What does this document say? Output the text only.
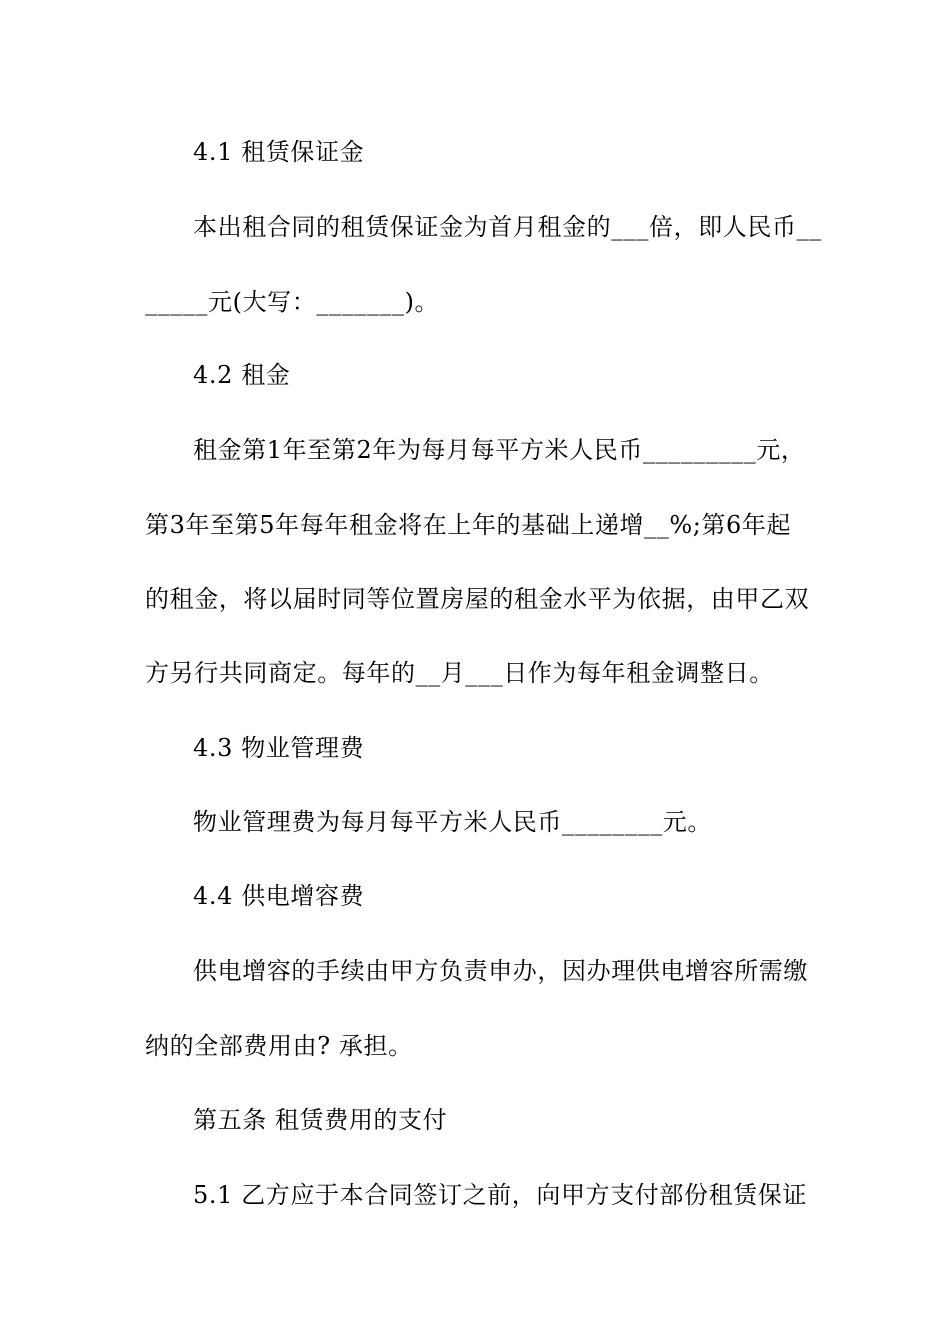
4.1 租赁保证金
本出租合同的租赁保证金为首月租金的___倍，即人民币__
_____元(大写：_______)。
4.2 租金
租金第1年至第2年为每月每平方米人民币_________元，
第3年至第5年每年租金将在上年的基础上递增__%;第6年起
的租金，将以届时同等位置房屋的租金水平为依据，由甲乙双
方另行共同商定。每年的__月___日作为每年租金调整日。
4.3 物业管理费
物业管理费为每月每平方米人民币________元。
4.4 供电增容费
供电增容的手续由甲方负责申办，因办理供电增容所需缴
纳的全部费用由? 承担。
第五条 租赁费用的支付
5.1 乙方应于本合同签订之前，向甲方支付部份租赁保证
